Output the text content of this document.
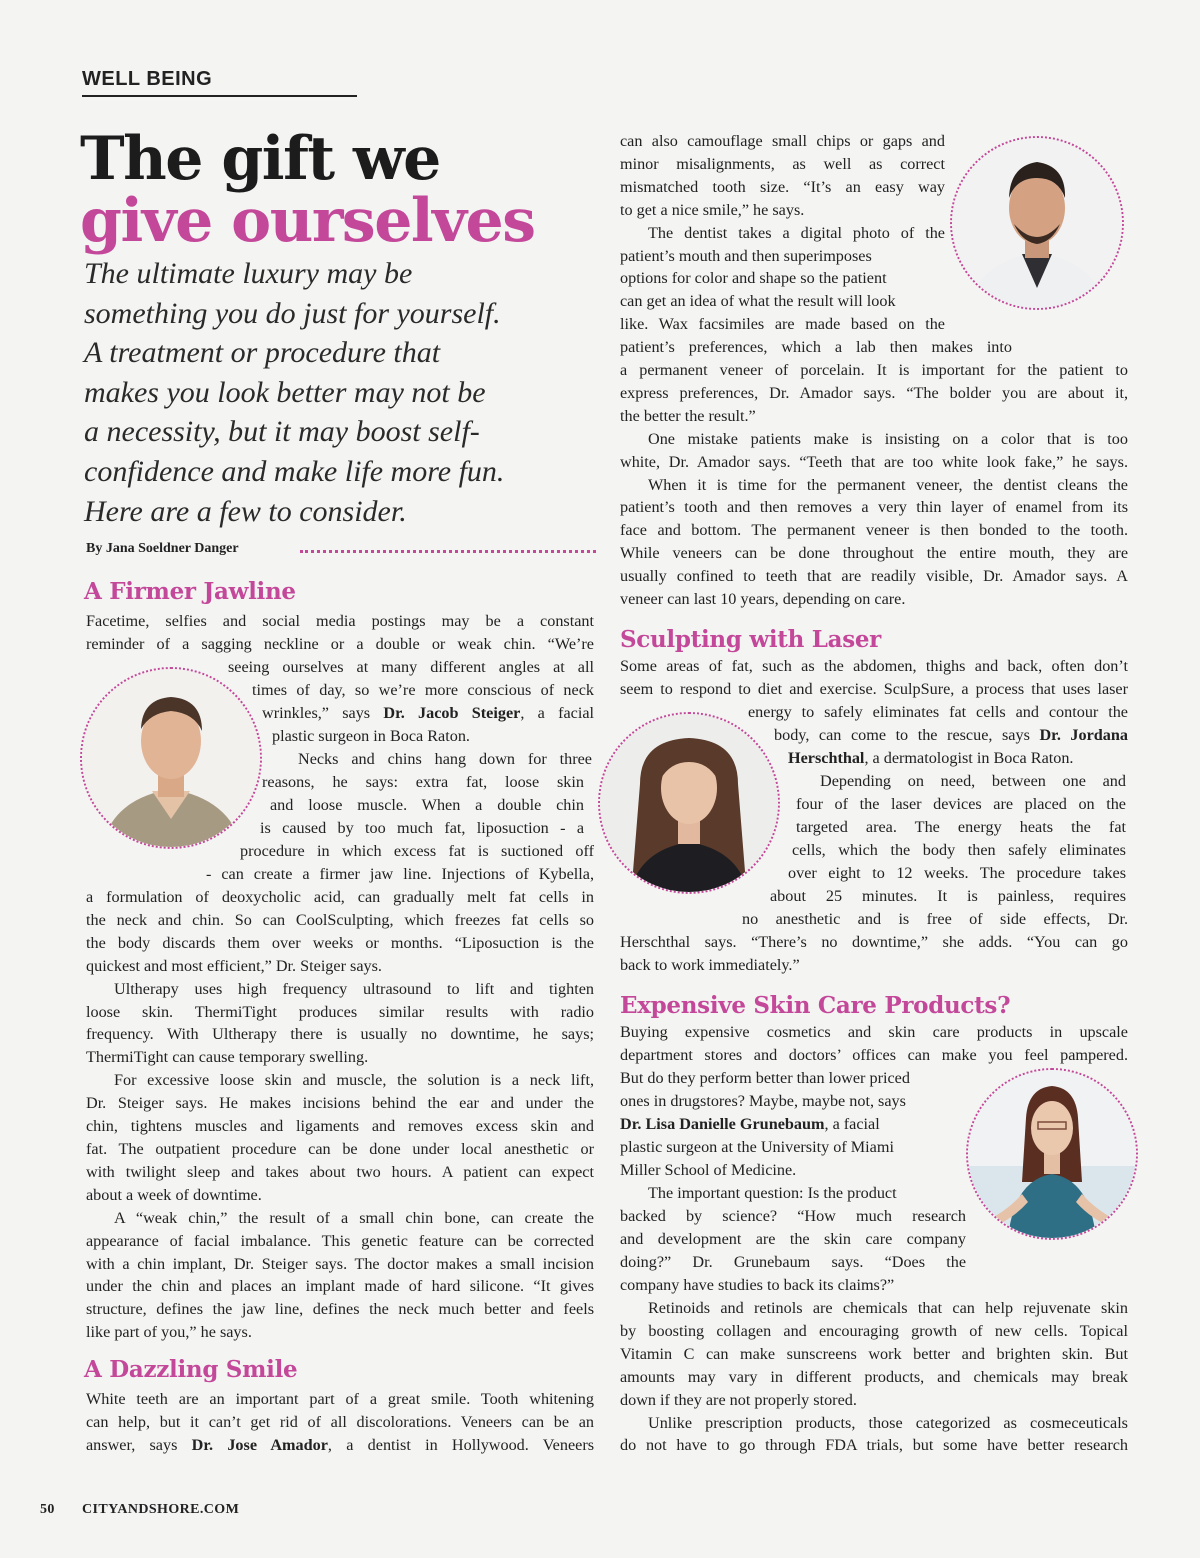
WELL BEING
The gift we
give ourselves
The ultimate luxury may be
something you do just for yourself.
A treatment or procedure that
makes you look better may not be
a necessity, but it may boost self-
confidence and make life more fun.
Here are a few to consider.
By Jana Soeldner Danger
A Firmer Jawline
Facetime, selfies and social media postings may be a constant
reminder of a sagging neckline or a double or weak chin. “We’re
seeing ourselves at many different angles at all
times of day, so we’re more conscious of neck
wrinkles,” says Dr. Jacob Steiger, a facial
plastic surgeon in Boca Raton.
Necks and chins hang down for three
reasons, he says: extra fat, loose skin
and loose muscle. When a double chin
is caused by too much fat, liposuction - a
procedure in which excess fat is suctioned off
- can create a firmer jaw line. Injections of Kybella,
a formulation of deoxycholic acid, can gradually melt fat cells in
the neck and chin. So can CoolSculpting, which freezes fat cells so
the body discards them over weeks or months. “Liposuction is the
quickest and most efficient,” Dr. Steiger says.
Ultherapy uses high frequency ultrasound to lift and tighten
loose skin. ThermiTight produces similar results with radio
frequency. With Ultherapy there is usually no downtime, he says;
ThermiTight can cause temporary swelling.
For excessive loose skin and muscle, the solution is a neck lift,
Dr. Steiger says. He makes incisions behind the ear and under the
chin, tightens muscles and ligaments and removes excess skin and
fat. The outpatient procedure can be done under local anesthetic or
with twilight sleep and takes about two hours. A patient can expect
about a week of downtime.
A “weak chin,” the result of a small chin bone, can create the
appearance of facial imbalance. This genetic feature can be corrected
with a chin implant, Dr. Steiger says. The doctor makes a small incision
under the chin and places an implant made of hard silicone. “It gives
structure, defines the jaw line, defines the neck much better and feels
like part of you,” he says.
A Dazzling Smile
White teeth are an important part of a great smile. Tooth whitening
can help, but it can’t get rid of all discolorations. Veneers can be an
answer, says Dr. Jose Amador, a dentist in Hollywood. Veneers
can also camouflage small chips or gaps and
minor misalignments, as well as correct
mismatched tooth size. “It’s an easy way
to get a nice smile,” he says.
The dentist takes a digital photo of the
patient’s mouth and then superimposes
options for color and shape so the patient
can get an idea of what the result will look
like. Wax facsimiles are made based on the
patient’s preferences, which a lab then makes into
a permanent veneer of porcelain. It is important for the patient to
express preferences, Dr. Amador says. “The bolder you are about it,
the better the result.”
One mistake patients make is insisting on a color that is too
white, Dr. Amador says. “Teeth that are too white look fake,” he says.
When it is time for the permanent veneer, the dentist cleans the
patient’s tooth and then removes a very thin layer of enamel from its
face and bottom. The permanent veneer is then bonded to the tooth.
While veneers can be done throughout the entire mouth, they are
usually confined to teeth that are readily visible, Dr. Amador says. A
veneer can last 10 years, depending on care.
Sculpting with Laser
Some areas of fat, such as the abdomen, thighs and back, often don’t
seem to respond to diet and exercise. SculpSure, a process that uses laser
energy to safely eliminates fat cells and contour the
body, can come to the rescue, says Dr. Jordana
Herschthal, a dermatologist in Boca Raton.
Depending on need, between one and
four of the laser devices are placed on the
targeted area. The energy heats the fat
cells, which the body then safely eliminates
over eight to 12 weeks. The procedure takes
about 25 minutes. It is painless, requires
no anesthetic and is free of side effects, Dr.
Herschthal says. “There’s no downtime,” she adds. “You can go
back to work immediately.”
Expensive Skin Care Products?
Buying expensive cosmetics and skin care products in upscale
department stores and doctors’ offices can make you feel pampered.
But do they perform better than lower priced
ones in drugstores? Maybe, maybe not, says
Dr. Lisa Danielle Grunebaum, a facial
plastic surgeon at the University of Miami
Miller School of Medicine.
The important question: Is the product
backed by science? “How much research
and development are the skin care company
doing?” Dr. Grunebaum says. “Does the
company have studies to back its claims?”
Retinoids and retinols are chemicals that can help rejuvenate skin
by boosting collagen and encouraging growth of new cells. Topical
Vitamin C can make sunscreens work better and brighten skin. But
amounts may vary in different products, and chemicals may break
down if they are not properly stored.
Unlike prescription products, those categorized as cosmeceuticals
do not have to go through FDA trials, but some have better research
50 CITYANDSHORE.COM
